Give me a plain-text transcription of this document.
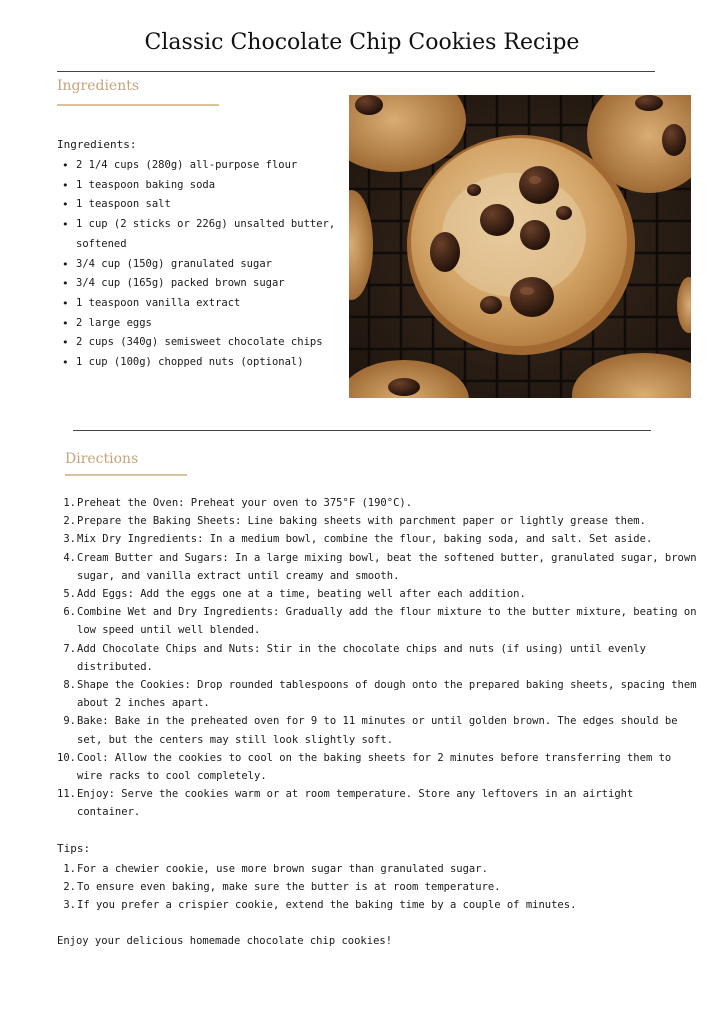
Classic Chocolate Chip Cookies Recipe
Ingredients
Ingredients:
• 2 1/4 cups (280g) all-purpose flour
• 1 teaspoon baking soda
• 1 teaspoon salt
• 1 cup (2 sticks or 226g) unsalted butter, softened
• 3/4 cup (150g) granulated sugar
• 3/4 cup (165g) packed brown sugar
• 1 teaspoon vanilla extract
• 2 large eggs
• 2 cups (340g) semisweet chocolate chips
• 1 cup (100g) chopped nuts (optional)
Directions
1. Preheat the Oven: Preheat your oven to 375°F (190°C).
2. Prepare the Baking Sheets: Line baking sheets with parchment paper or lightly grease them.
3. Mix Dry Ingredients: In a medium bowl, combine the flour, baking soda, and salt. Set aside.
4. Cream Butter and Sugars: In a large mixing bowl, beat the softened butter, granulated sugar, brown sugar, and vanilla extract until creamy and smooth.
5. Add Eggs: Add the eggs one at a time, beating well after each addition.
6. Combine Wet and Dry Ingredients: Gradually add the flour mixture to the butter mixture, beating on low speed until well blended.
7. Add Chocolate Chips and Nuts: Stir in the chocolate chips and nuts (if using) until evenly distributed.
8. Shape the Cookies: Drop rounded tablespoons of dough onto the prepared baking sheets, spacing them about 2 inches apart.
9. Bake: Bake in the preheated oven for 9 to 11 minutes or until golden brown. The edges should be set, but the centers may still look slightly soft.
10. Cool: Allow the cookies to cool on the baking sheets for 2 minutes before transferring them to wire racks to cool completely.
11. Enjoy: Serve the cookies warm or at room temperature. Store any leftovers in an airtight container.
Tips:
1. For a chewier cookie, use more brown sugar than granulated sugar.
2. To ensure even baking, make sure the butter is at room temperature.
3. If you prefer a crispier cookie, extend the baking time by a couple of minutes.
Enjoy your delicious homemade chocolate chip cookies!
